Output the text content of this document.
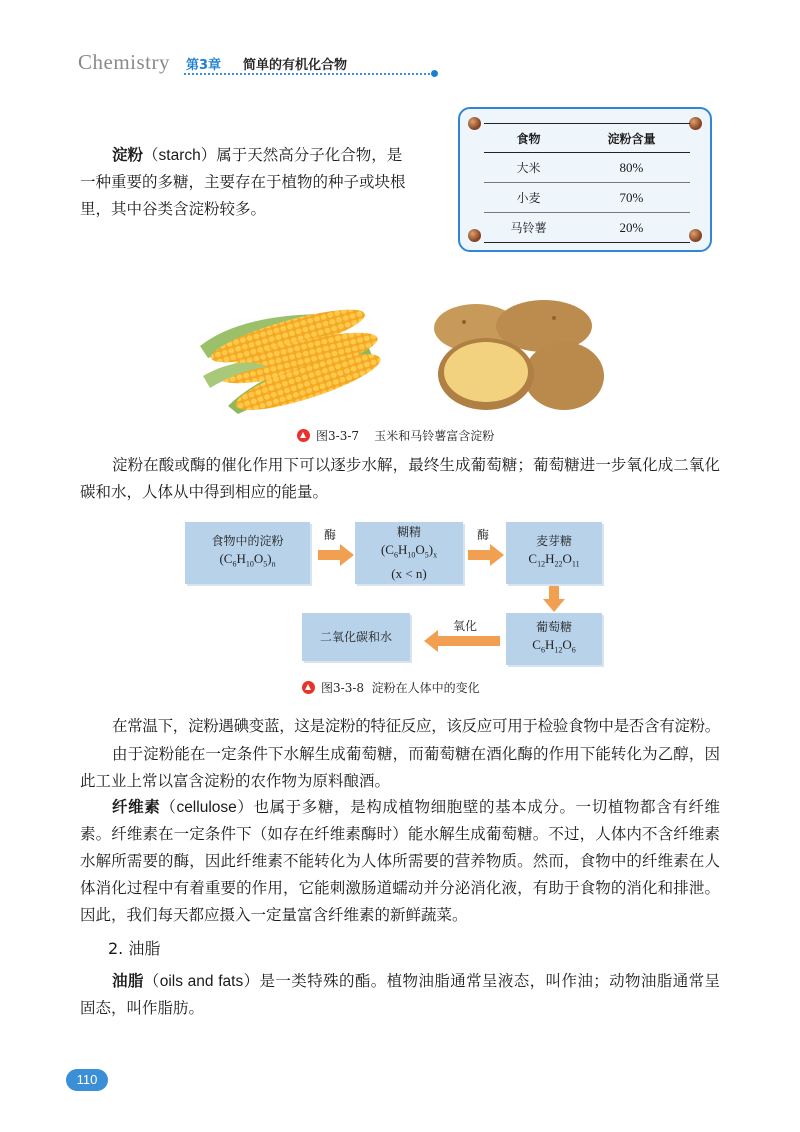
Chemistry 第3章 简单的有机化合物
淀粉（starch）属于天然高分子化合物，是
一种重要的多糖，主要存在于植物的种子或块根
里，其中谷类含淀粉较多。
食物	淀粉含量
大米	80%
小麦	70%
马铃薯	20%
图3-3-7 玉米和马铃薯富含淀粉

淀粉在酸或酶的催化作用下可以逐步水解，最终生成葡萄糖；葡萄糖进一步氧化成二氧化碳和水，人体从中得到相应的能量。

食物中的淀粉
$(C_6H_{10}O_5)_n$
酶	糊精
$(C_6H_{10}O_5)_x$
(x < n)
酶	麦芽糖
$C_{12}H_{22}O_{11}$
葡萄糖
$C_6H_{12}O_6$
氧化
二氧化碳和水
图3-3-8 淀粉在人体中的变化

在常温下，淀粉遇碘变蓝，这是淀粉的特征反应，该反应可用于检验食物中是否含有淀粉。

由于淀粉能在一定条件下水解生成葡萄糖，而葡萄糖在酒化酶的作用下能转化为乙醇，因此工业上常以富含淀粉的农作物为原料酿酒。

纤维素（cellulose）也属于多糖，是构成植物细胞壁的基本成分。一切植物都含有纤维素。纤维素在一定条件下（如存在纤维素酶时）能水解生成葡萄糖。不过，人体内不含纤维素水解所需要的酶，因此纤维素不能转化为人体所需要的营养物质。然而，食物中的纤维素在人体消化过程中有着重要的作用，它能刺激肠道蠕动并分泌消化液，有助于食物的消化和排泄。因此，我们每天都应摄入一定量富含纤维素的新鲜蔬菜。

2. 油脂

油脂（oils and fats）是一类特殊的酯。植物油脂通常呈液态，叫作油；动物油脂通常呈固态，叫作脂肪。

110
